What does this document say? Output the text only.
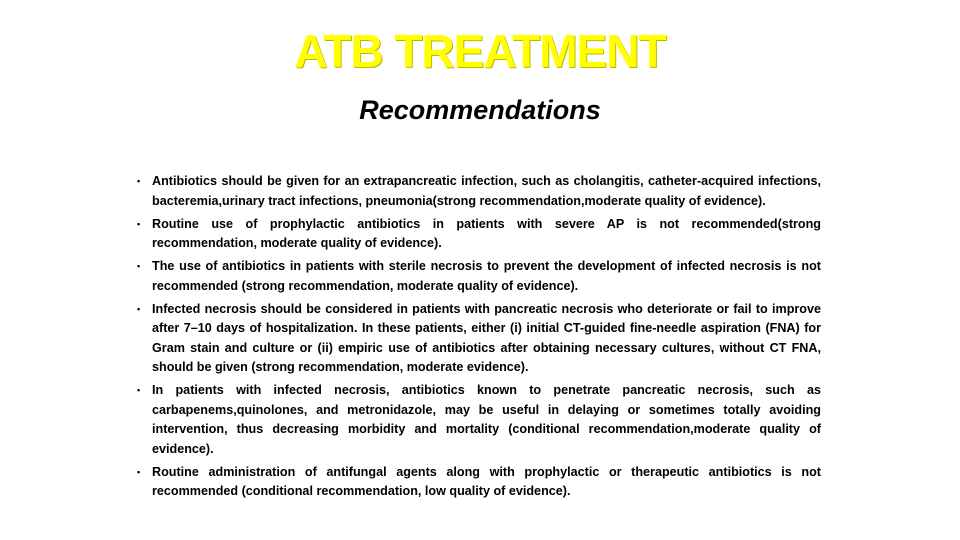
ATB TREATMENT
Recommendations
• Antibiotics should be given for an extrapancreatic infection, such as cholangitis, catheter-acquired infections, bacteremia,urinary tract infections, pneumonia(strong recommendation,moderate quality of evidence).
• Routine use of prophylactic antibiotics in patients with severe AP is not recommended(strong recommendation, moderate quality of evidence).
• The use of antibiotics in patients with sterile necrosis to prevent the development of infected necrosis is not recommended (strong recommendation, moderate quality of evidence).
• Infected necrosis should be considered in patients with pancreatic necrosis who deteriorate or fail to improve after 7–10 days of hospitalization. In these patients, either (i) initial CT-guided fine-needle aspiration (FNA) for Gram stain and culture or (ii) empiric use of antibiotics after obtaining necessary cultures, without CT FNA, should be given (strong recommendation, moderate evidence).
• In patients with infected necrosis, antibiotics known to penetrate pancreatic necrosis, such as carbapenems,quinolones, and metronidazole, may be useful in delaying or sometimes totally avoiding intervention, thus decreasing morbidity and mortality (conditional recommendation,moderate quality of evidence).
• Routine administration of antifungal agents along with prophylactic or therapeutic antibiotics is not recommended (conditional recommendation, low quality of evidence).
